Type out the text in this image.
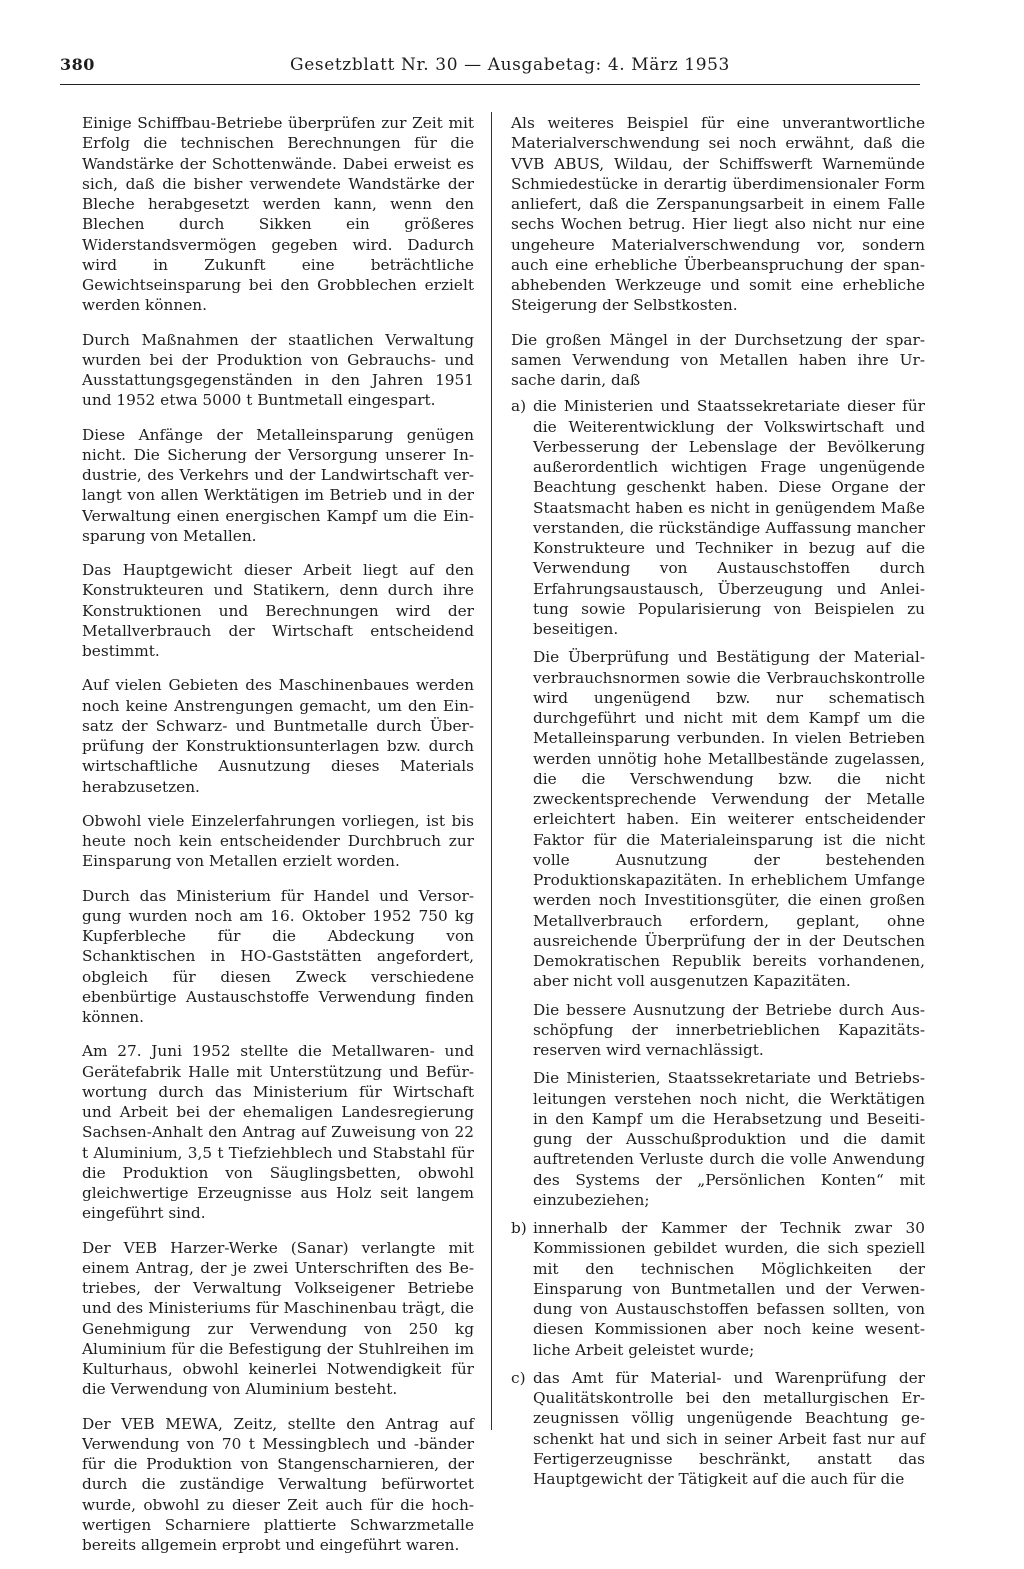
380	Gesetzblatt Nr. 30 — Ausgabetag: 4. März 1953

Einige Schiffbau-Betriebe überprüfen zur Zeit mit Erfolg die technischen Berechnungen für die Wandstärke der Schottenwände. Dabei erweist es sich, daß die bisher verwendete Wandstärke der Bleche herabgesetzt werden kann, wenn den Blechen durch Sikken ein größeres Widerstandsvermögen gegeben wird. Dadurch wird in Zukunft eine beträchtliche Gewichtseinsparung bei den Grobblechen erzielt werden können.

Durch Maßnahmen der staatlichen Verwaltung wurden bei der Produktion von Gebrauchs- und Ausstattungsgegenständen in den Jahren 1951 und 1952 etwa 5000 t Buntmetall eingespart.

Diese Anfänge der Metalleinsparung genügen nicht. Die Sicherung der Versorgung unserer Industrie, des Verkehrs und der Landwirtschaft verlangt von allen Werktätigen im Betrieb und in der Verwaltung einen energischen Kampf um die Einsparung von Metallen.

Das Hauptgewicht dieser Arbeit liegt auf den Konstrukteuren und Statikern, denn durch ihre Konstruktionen und Berechnungen wird der Metallverbrauch der Wirtschaft entscheidend bestimmt.

Auf vielen Gebieten des Maschinenbaues werden noch keine Anstrengungen gemacht, um den Einsatz der Schwarz- und Buntmetalle durch Überprüfung der Konstruktionsunterlagen bzw. durch wirtschaftliche Ausnutzung dieses Materials herabzusetzen.

Obwohl viele Einzelerfahrungen vorliegen, ist bis heute noch kein entscheidender Durchbruch zur Einsparung von Metallen erzielt worden.

Durch das Ministerium für Handel und Versorgung wurden noch am 16. Oktober 1952 750 kg Kupferbleche für die Abdeckung von Schanktischen in HO-Gaststätten angefordert, obgleich für diesen Zweck verschiedene ebenbürtige Austauschstoffe Verwendung finden können.

Am 27. Juni 1952 stellte die Metallwaren- und Gerätefabrik Halle mit Unterstützung und Befürwortung durch das Ministerium für Wirtschaft und Arbeit bei der ehemaligen Landesregierung Sachsen-Anhalt den Antrag auf Zuweisung von 22 t Aluminium, 3,5 t Tiefziehblech und Stabstahl für die Produktion von Säuglingsbetten, obwohl gleichwertige Erzeugnisse aus Holz seit langem eingeführt sind.

Der VEB Harzer-Werke (Sanar) verlangte mit einem Antrag, der je zwei Unterschriften des Betriebes, der Verwaltung Volkseigener Betriebe und des Ministeriums für Maschinenbau trägt, die Genehmigung zur Verwendung von 250 kg Aluminium für die Befestigung der Stuhlreihen im Kulturhaus, obwohl keinerlei Notwendigkeit für die Verwendung von Aluminium besteht.

Der VEB MEWA, Zeitz, stellte den Antrag auf Verwendung von 70 t Messingblech und -bänder für die Produktion von Stangenscharnieren, der durch die zuständige Verwaltung befürwortet wurde, obwohl zu dieser Zeit auch für die hochwertigen Scharniere plattierte Schwarzmetalle bereits allgemein erprobt und eingeführt waren.

Als weiteres Beispiel für eine unverantwortliche Materialverschwendung sei noch erwähnt, daß die VVB ABUS, Wildau, der Schiffswerft Warnemünde Schmiedestücke in derartig überdimensionaler Form anliefert, daß die Zerspanungsarbeit in einem Falle sechs Wochen betrug. Hier liegt also nicht nur eine ungeheure Materialverschwendung vor, sondern auch eine erhebliche Überbeanspruchung der spanabhebenden Werkzeuge und somit eine erhebliche Steigerung der Selbstkosten.

Die großen Mängel in der Durchsetzung der sparsamen Verwendung von Metallen haben ihre Ursache darin, daß

a) die Ministerien und Staatssekretariate dieser für die Weiterentwicklung der Volkswirtschaft und Verbesserung der Lebenslage der Bevölkerung außerordentlich wichtigen Frage ungenügende Beachtung geschenkt haben. Diese Organe der Staatsmacht haben es nicht in genügendem Maße verstanden, die rückständige Auffassung mancher Konstrukteure und Techniker in bezug auf die Verwendung von Austauschstoffen durch Erfahrungsaustausch, Überzeugung und Anleitung sowie Popularisierung von Beispielen zu beseitigen.
Die Überprüfung und Bestätigung der Materialverbrauchsnormen sowie die Verbrauchskontrolle wird ungenügend bzw. nur schematisch durchgeführt und nicht mit dem Kampf um die Metalleinsparung verbunden. In vielen Betrieben werden unnötig hohe Metallbestände zugelassen, die die Verschwendung bzw. die nicht zweckentsprechende Verwendung der Metalle erleichtert haben. Ein weiterer entscheidender Faktor für die Materialeinsparung ist die nicht volle Ausnutzung der bestehenden Produktionskapazitäten. In erheblichem Umfange werden noch Investitionsgüter, die einen großen Metallverbrauch erfordern, geplant, ohne ausreichende Überprüfung der in der Deutschen Demokratischen Republik bereits vorhandenen, aber nicht voll ausgenutzen Kapazitäten.
Die bessere Ausnutzung der Betriebe durch Ausschöpfung der innerbetrieblichen Kapazitätsreserven wird vernachlässigt.
Die Ministerien, Staatssekretariate und Betriebsleitungen verstehen noch nicht, die Werktätigen in den Kampf um die Herabsetzung und Beseitigung der Ausschußproduktion und die damit auftretenden Verluste durch die volle Anwendung des Systems der „Persönlichen Konten“ mit einzubeziehen;
b) innerhalb der Kammer der Technik zwar 30 Kommissionen gebildet wurden, die sich speziell mit den technischen Möglichkeiten der Einsparung von Buntmetallen und der Verwendung von Austauschstoffen befassen sollten, von diesen Kommissionen aber noch keine wesentliche Arbeit geleistet wurde;
c) das Amt für Material- und Warenprüfung der Qualitätskontrolle bei den metallurgischen Erzeugnissen völlig ungenügende Beachtung geschenkt hat und sich in seiner Arbeit fast nur auf Fertigerzeugnisse beschränkt, anstatt das Hauptgewicht der Tätigkeit auf die auch für die
